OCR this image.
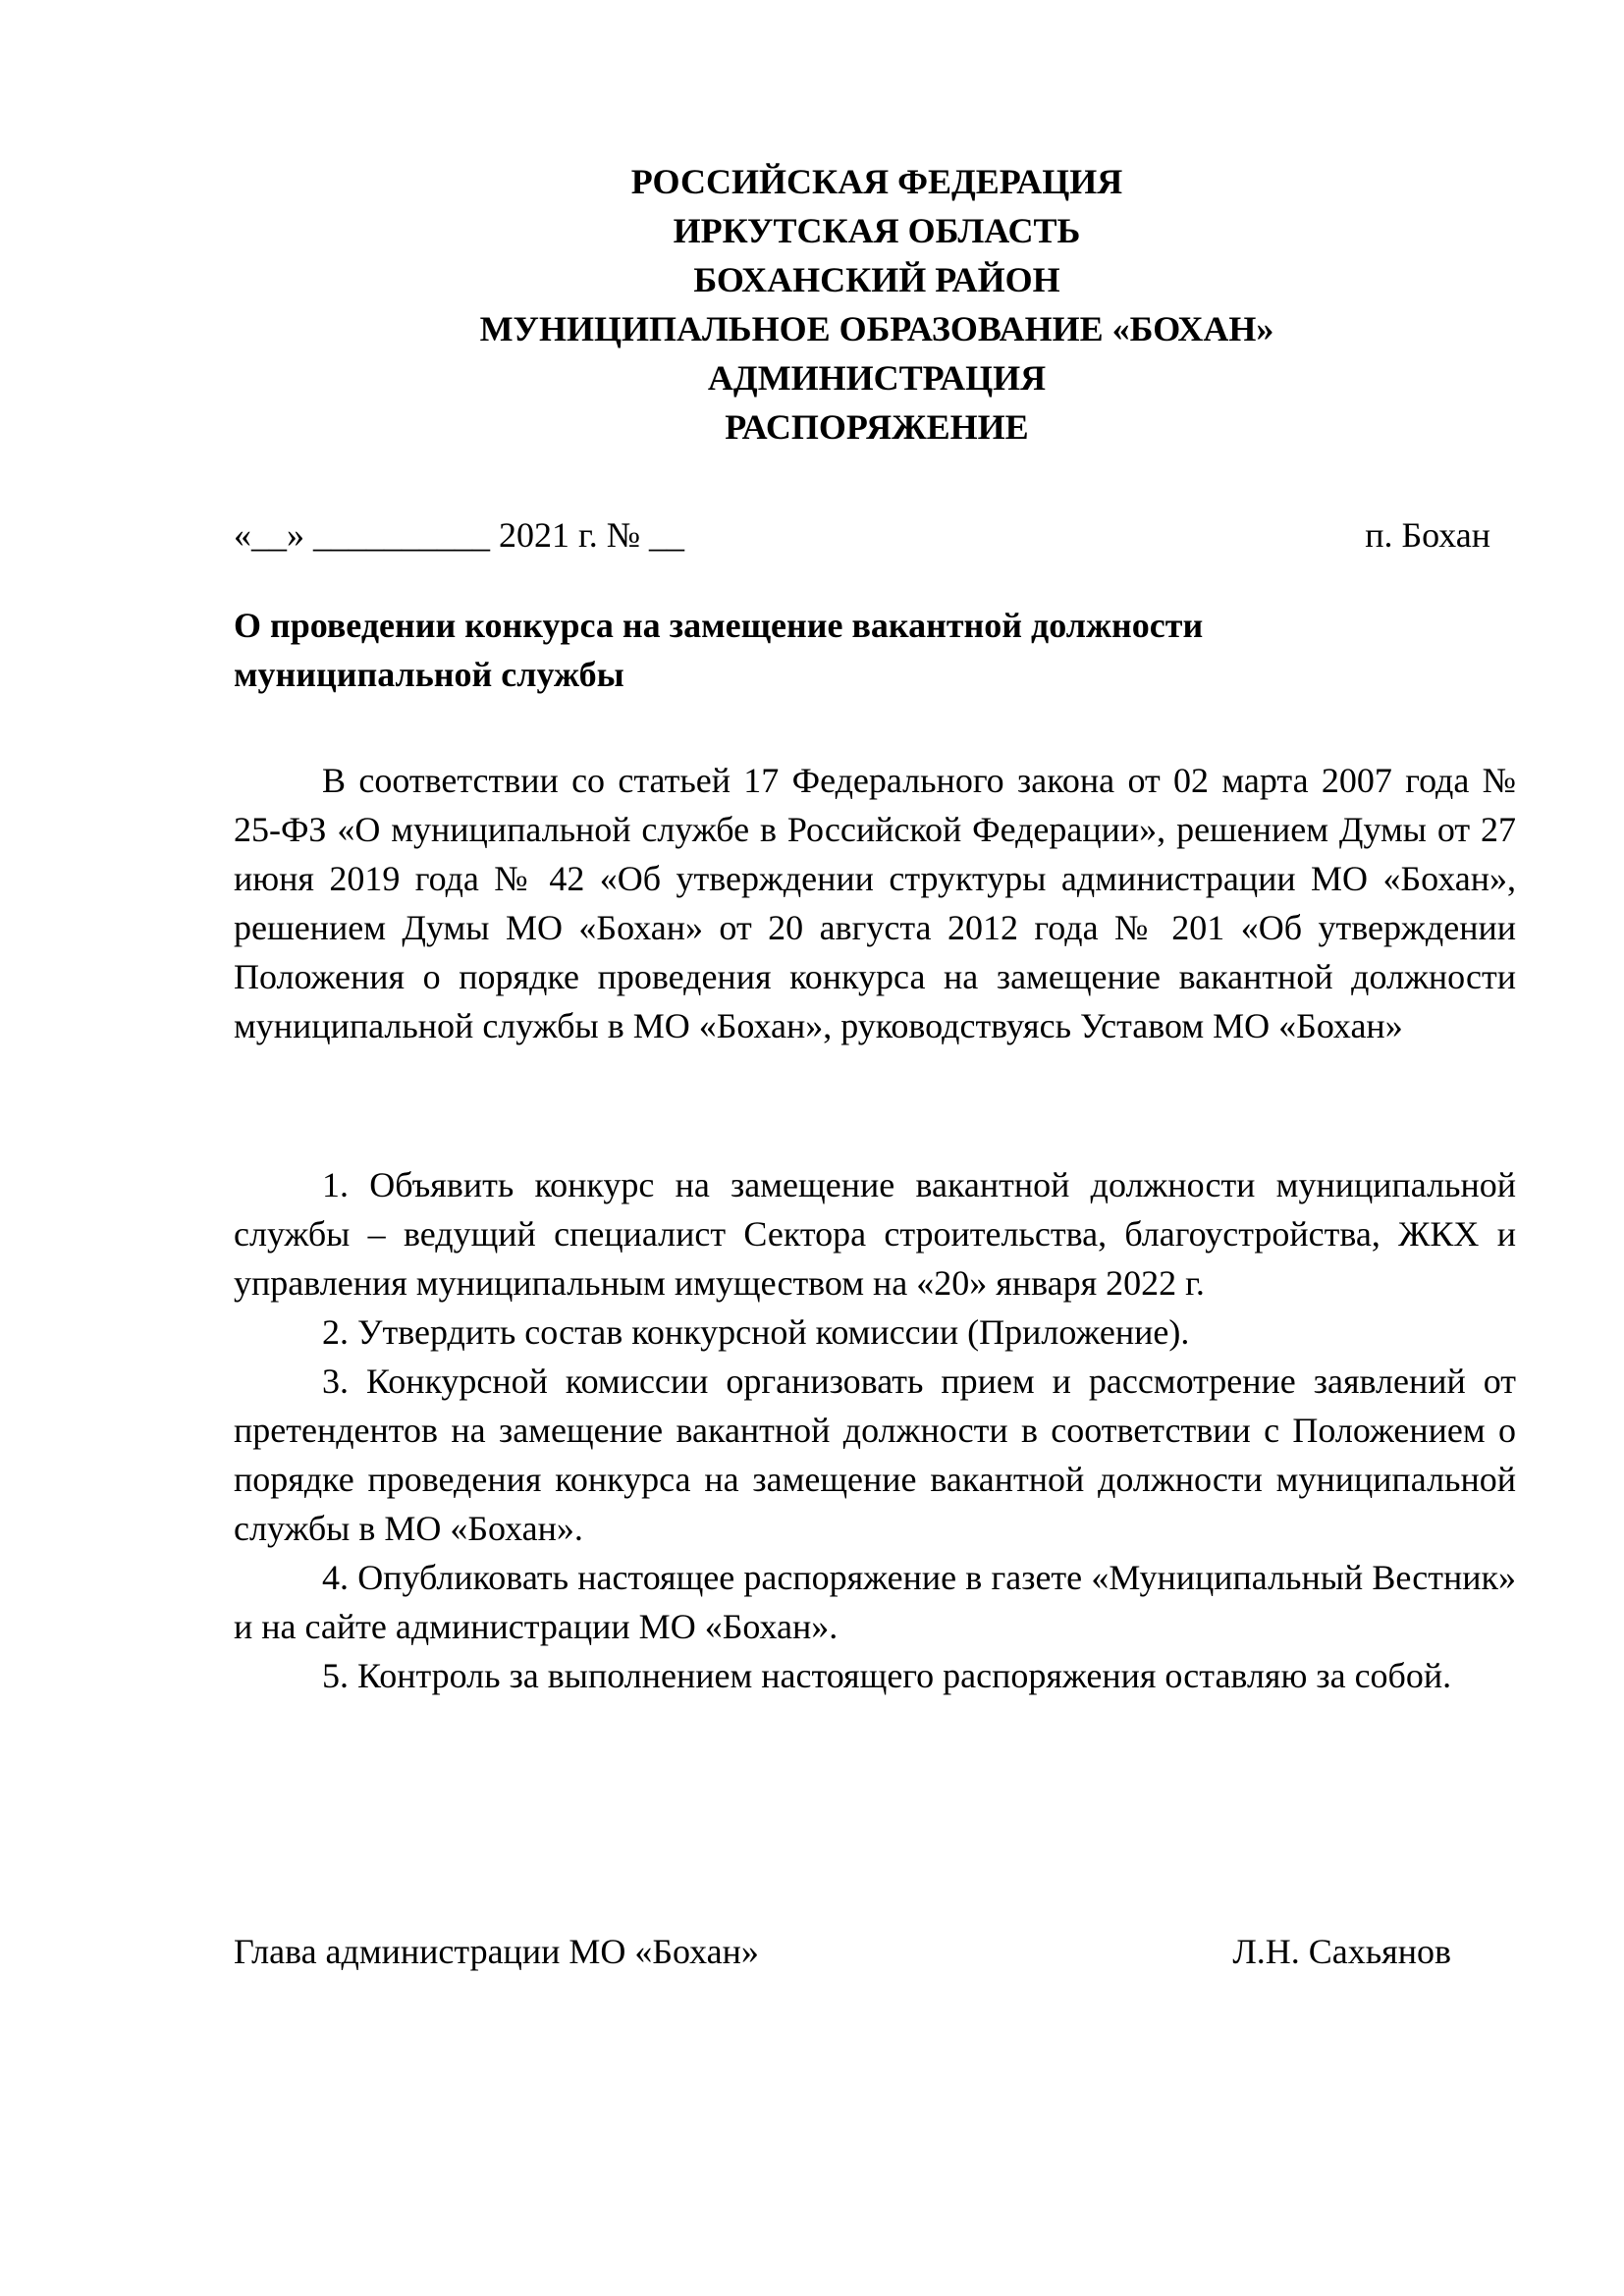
РОССИЙСКАЯ ФЕДЕРАЦИЯ
ИРКУТСКАЯ ОБЛАСТЬ
БОХАНСКИЙ РАЙОН
МУНИЦИПАЛЬНОЕ ОБРАЗОВАНИЕ «БОХАН»
АДМИНИСТРАЦИЯ
РАСПОРЯЖЕНИЕ
«__» __________ 2021 г. № __	п. Бохан
О проведении конкурса на замещение вакантной должности
муниципальной службы

В соответствии со статьей 17 Федерального закона от 02 марта 2007 года № 25-ФЗ «О муниципальной службе в Российской Федерации», решением Думы от 27 июня 2019 года № 42 «Об утверждении структуры администрации МО «Бохан», решением Думы МО «Бохан» от 20 августа 2012 года № 201 «Об утверждении Положения о порядке проведения конкурса на замещение вакантной должности муниципальной службы в МО «Бохан», руководствуясь Уставом МО «Бохан»

1. Объявить конкурс на замещение вакантной должности муниципальной службы – ведущий специалист Сектора строительства, благоустройства, ЖКХ и управления муниципальным имуществом на «20» января 2022 г.

2. Утвердить состав конкурсной комиссии (Приложение).

3. Конкурсной комиссии организовать прием и рассмотрение заявлений от претендентов на замещение вакантной должности в соответствии с Положением о порядке проведения конкурса на замещение вакантной должности муниципальной службы в МО «Бохан».

4. Опубликовать настоящее распоряжение в газете «Муниципальный Вестник» и на сайте администрации МО «Бохан».

5. Контроль за выполнением настоящего распоряжения оставляю за собой.

Глава администрации МО «Бохан»	Л.Н. Сахьянов
